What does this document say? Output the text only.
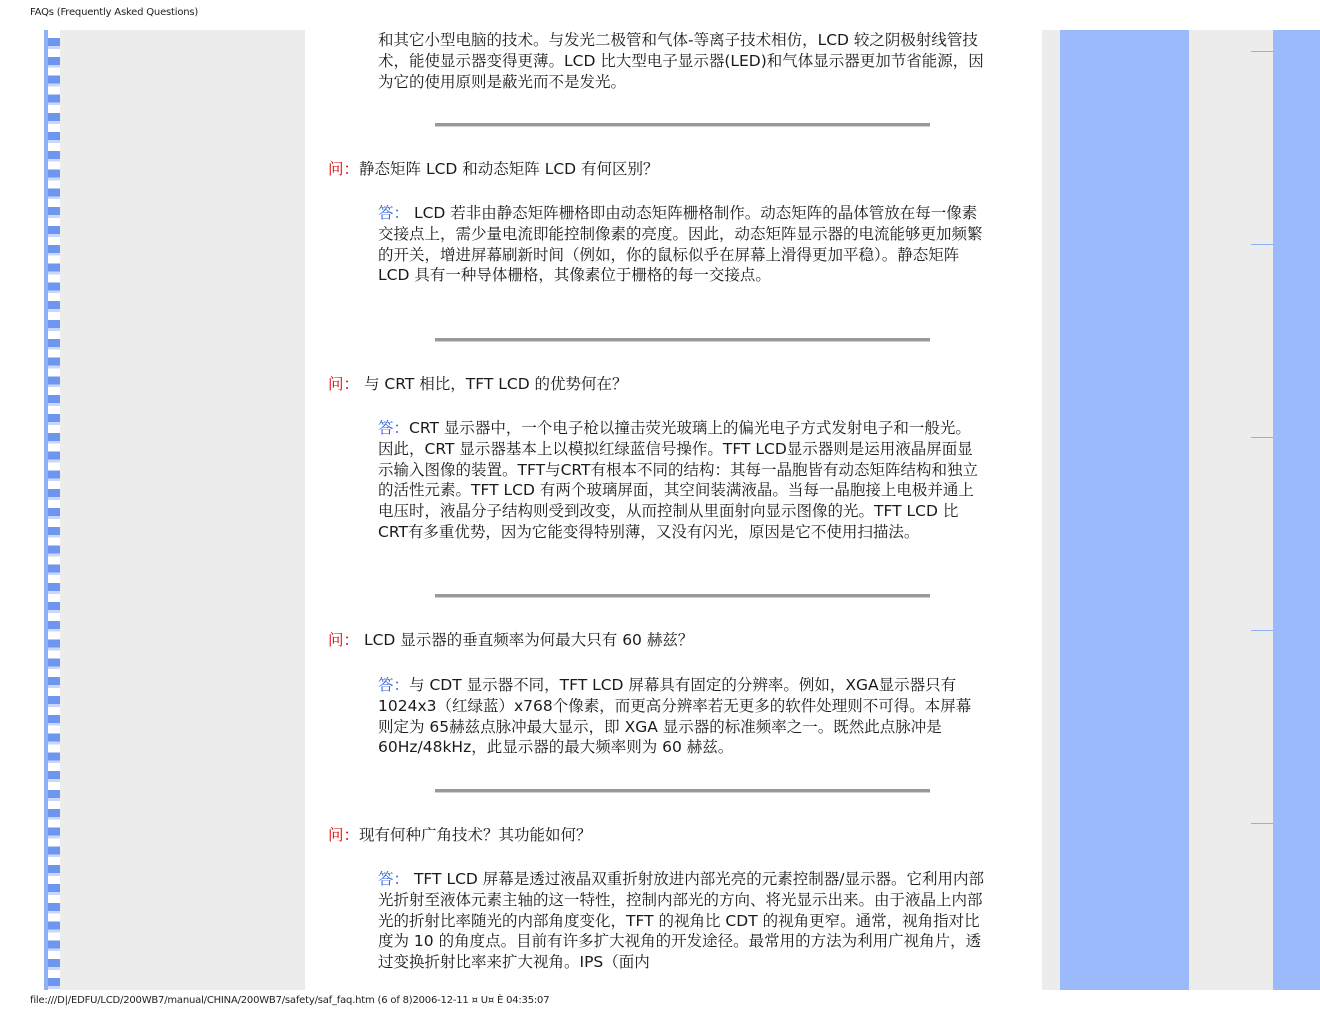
FAQs (Frequently Asked Questions)

和其它小型电脑的技术。与发光二极管和气体-等离子技术相仿，LCD 较之阴极射线管技术，能使显示器变得更薄。LCD 比大型电子显示器(LED)和气体显示器更加节省能源，因为它的使用原则是蔽光而不是发光。

问：静态矩阵 LCD 和动态矩阵 LCD 有何区别？

答： LCD 若非由静态矩阵栅格即由动态矩阵栅格制作。动态矩阵的晶体管放在每一像素交接点上，需少量电流即能控制像素的亮度。因此，动态矩阵显示器的电流能够更加频繁的开关，增进屏幕刷新时间（例如，你的鼠标似乎在屏幕上滑得更加平稳）。静态矩阵 LCD 具有一种导体栅格，其像素位于栅格的每一交接点。

问： 与 CRT 相比，TFT LCD 的优势何在？

答：CRT 显示器中，一个电子枪以撞击荧光玻璃上的偏光电子方式发射电子和一般光。因此，CRT 显示器基本上以模拟红绿蓝信号操作。TFT LCD显示器则是运用液晶屏面显示输入图像的装置。TFT与CRT有根本不同的结构：其每一晶胞皆有动态矩阵结构和独立的活性元素。TFT LCD 有两个玻璃屏面，其空间装满液晶。当每一晶胞接上电极并通上电压时，液晶分子结构则受到改变，从而控制从里面射向显示图像的光。TFT LCD 比 CRT有多重优势，因为它能变得特别薄，又没有闪光，原因是它不使用扫描法。

问： LCD 显示器的垂直频率为何最大只有 60 赫兹？

答：与 CDT 显示器不同，TFT LCD 屏幕具有固定的分辨率。例如，XGA显示器只有1024x3（红绿蓝）x768个像素，而更高分辨率若无更多的软件处理则不可得。本屏幕则定为 65赫兹点脉冲最大显示，即 XGA 显示器的标准频率之一。既然此点脉冲是 60Hz/48kHz，此显示器的最大频率则为 60 赫兹。

问：现有何种广角技术？其功能如何？

答： TFT LCD 屏幕是透过液晶双重折射放进内部光亮的元素控制器/显示器。它利用内部光折射至液体元素主轴的这一特性，控制内部光的方向、将光显示出来。由于液晶上内部光的折射比率随光的内部角度变化，TFT 的视角比 CDT 的视角更窄。通常，视角指对比度为 10 的角度点。目前有许多扩大视角的开发途径。最常用的方法为利用广视角片，透过变换折射比率来扩大视角。IPS（面内

file:///D|/EDFU/LCD/200WB7/manual/CHINA/200WB7/safety/saf_faq.htm (6 of 8)2006-12-11 ¤ U¤ È 04:35:07
